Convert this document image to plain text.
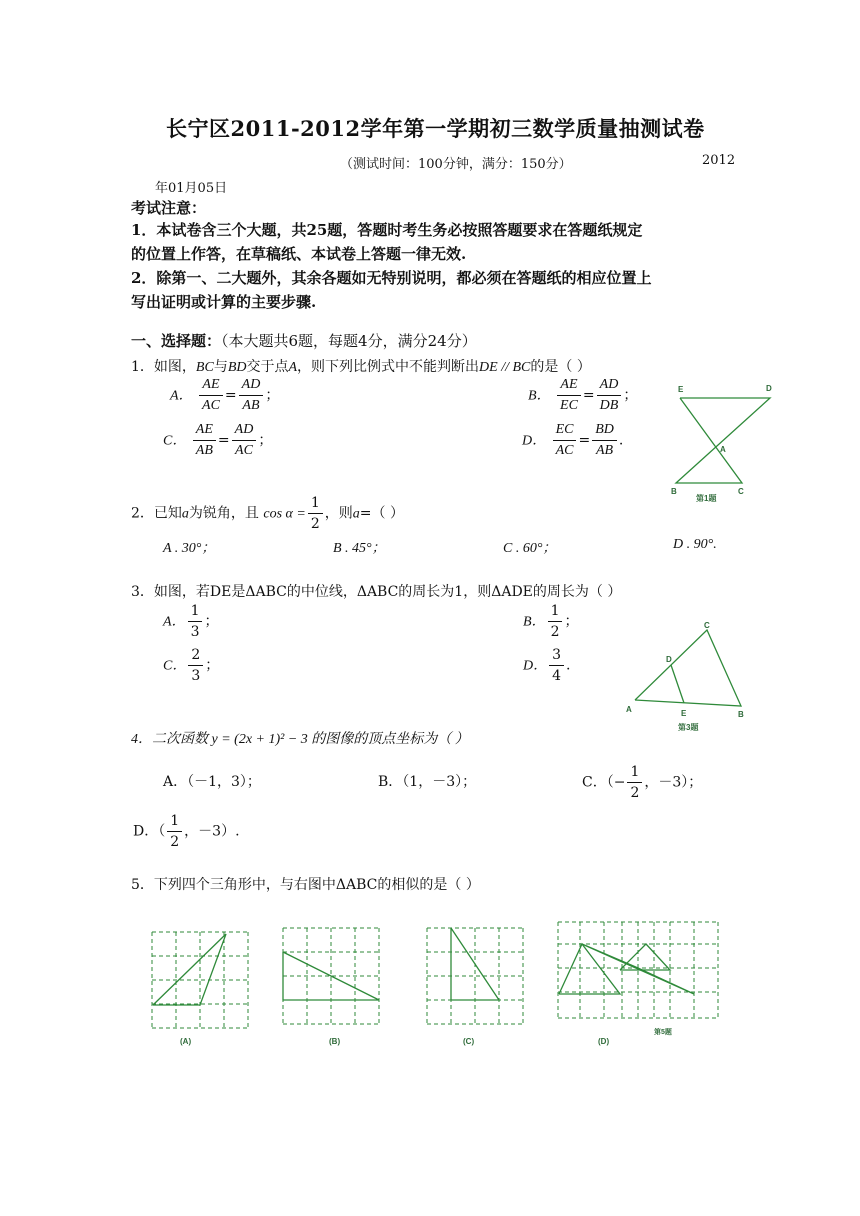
长宁区2011-2012学年第一学期初三数学质量抽测试卷
（测试时间：100分钟，满分：150分）	2012
年01月05日
考试注意：
1．本试卷含三个大题，共25题，答题时考生务必按照答题要求在答题纸规定
的位置上作答，在草稿纸、本试卷上答题一律无效.
2．除第一、二大题外，其余各题如无特别说明，都必须在答题纸的相应位置上
写出证明或计算的主要步骤.
一、选择题：（本大题共6题，每题4分，满分24分）
1．如图，BC与BD交于点A，则下列比例式中不能判断出DE // BC的是（ ）
A． $\frac{AE}{AC} = \frac{AD}{AB}$ ；	B． $\frac{AE}{EC} = \frac{AD}{DB}$ ；
C． $\frac{AE}{AB} = \frac{AD}{AC}$ ；	D． $\frac{EC}{AC} = \frac{BD}{AB}$ .
E	D
A
B	C
第1题
2．已知a为锐角，且 $\cos \alpha = \frac{1}{2}$ ，则a=（ ）
A . 30°；	B . 45°；	C . 60°；	D . 90°.
3．如图，若DE是ΔABC的中位线，ΔABC的周长为1，则ΔADE的周长为（ ）
A． $\frac{1}{3}$ ；	B． $\frac{1}{2}$ ；
C． $\frac{2}{3}$ ；	D． $\frac{3}{4}$ .
C
D
A	E	B
第3题
4．二次函数 y = (2x + 1)² − 3 的图像的顶点坐标为（ ）
A．（－1，3）；	B．（1，－3）；	C．（− $\frac{1}{2}$ ，－3）；
D．（ $\frac{1}{2}$ ，－3）.
5．下列四个三角形中，与右图中ΔABC的相似的是（ ）
(A)	(B)	(C)	(D)
第5题
